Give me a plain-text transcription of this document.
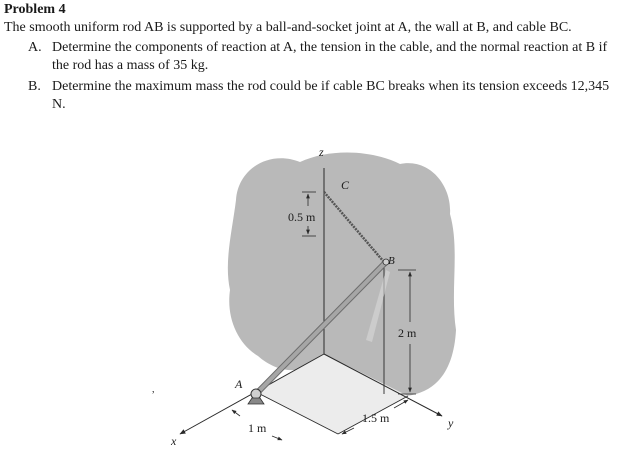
Problem 4
The smooth uniform rod AB is supported by a ball-and-socket joint at A, the wall at B, and cable BC.
A. Determine the components of reaction at A, the tension in the cable, and the normal reaction at B if the rod has a mass of 35 kg.
B. Determine the maximum mass the rod could be if cable BC breaks when its tension exceeds 12,345 N.
0.5 m
2 m
1.5 m
1 m
z
x
y
C
B
A
,
